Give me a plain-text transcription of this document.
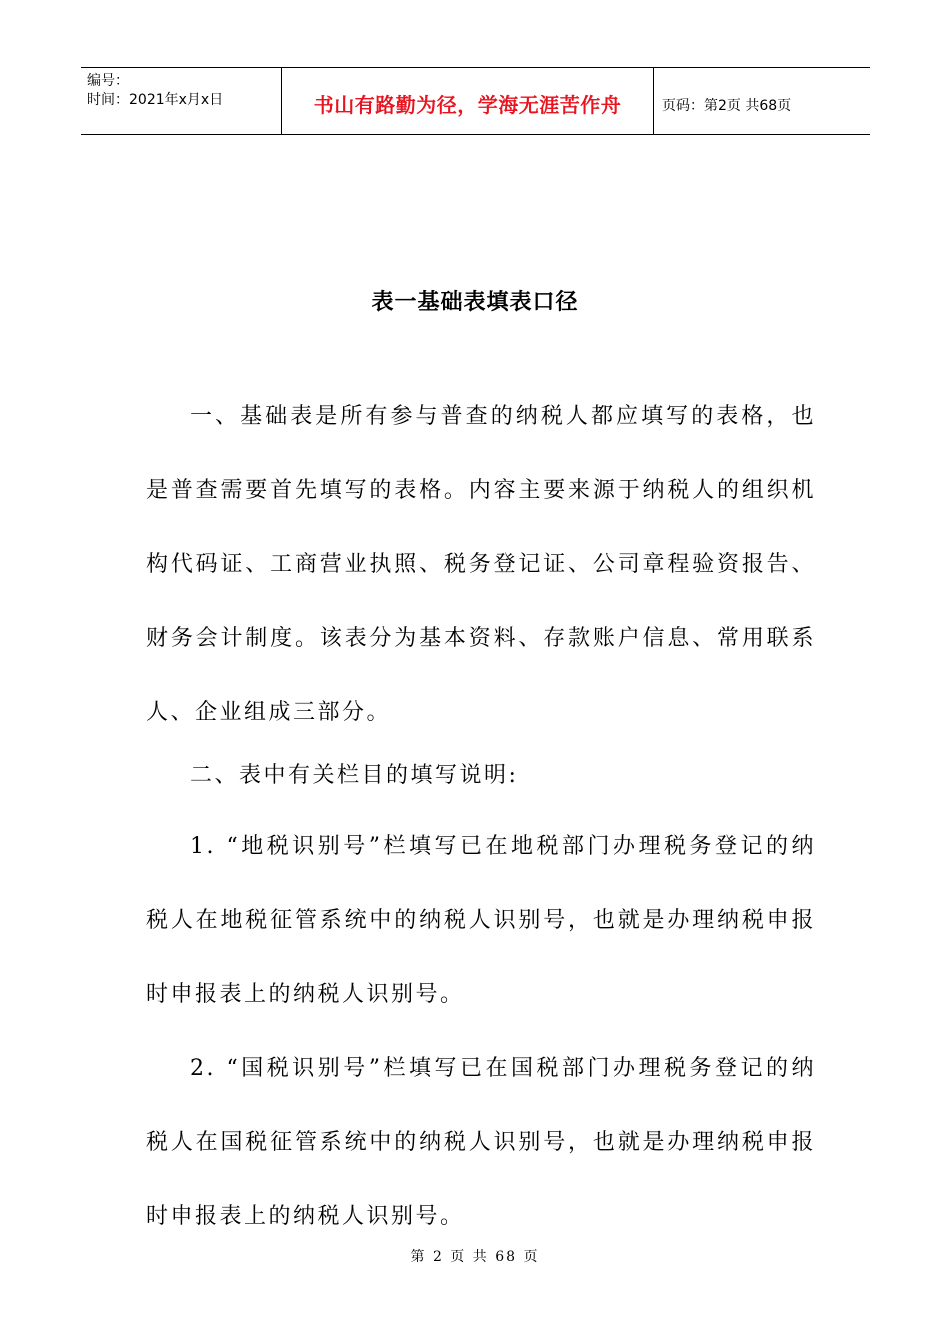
编号：
时间：2021年x月x日	书山有路勤为径，学海无涯苦作舟	页码：第2页 共68页
表一基础表填表口径

一、基础表是所有参与普查的纳税人都应填写的表格，也是普查需要首先填写的表格。内容主要来源于纳税人的组织机构代码证、工商营业执照、税务登记证、公司章程验资报告、财务会计制度。该表分为基本资料、存款账户信息、常用联系人、企业组成三部分。

二、表中有关栏目的填写说明:

1. “地税识别号”栏填写已在地税部门办理税务登记的纳税人在地税征管系统中的纳税人识别号，也就是办理纳税申报时申报表上的纳税人识别号。

2. “国税识别号”栏填写已在国税部门办理税务登记的纳税人在国税征管系统中的纳税人识别号，也就是办理纳税申报时申报表上的纳税人识别号。

第 2 页 共 68 页
